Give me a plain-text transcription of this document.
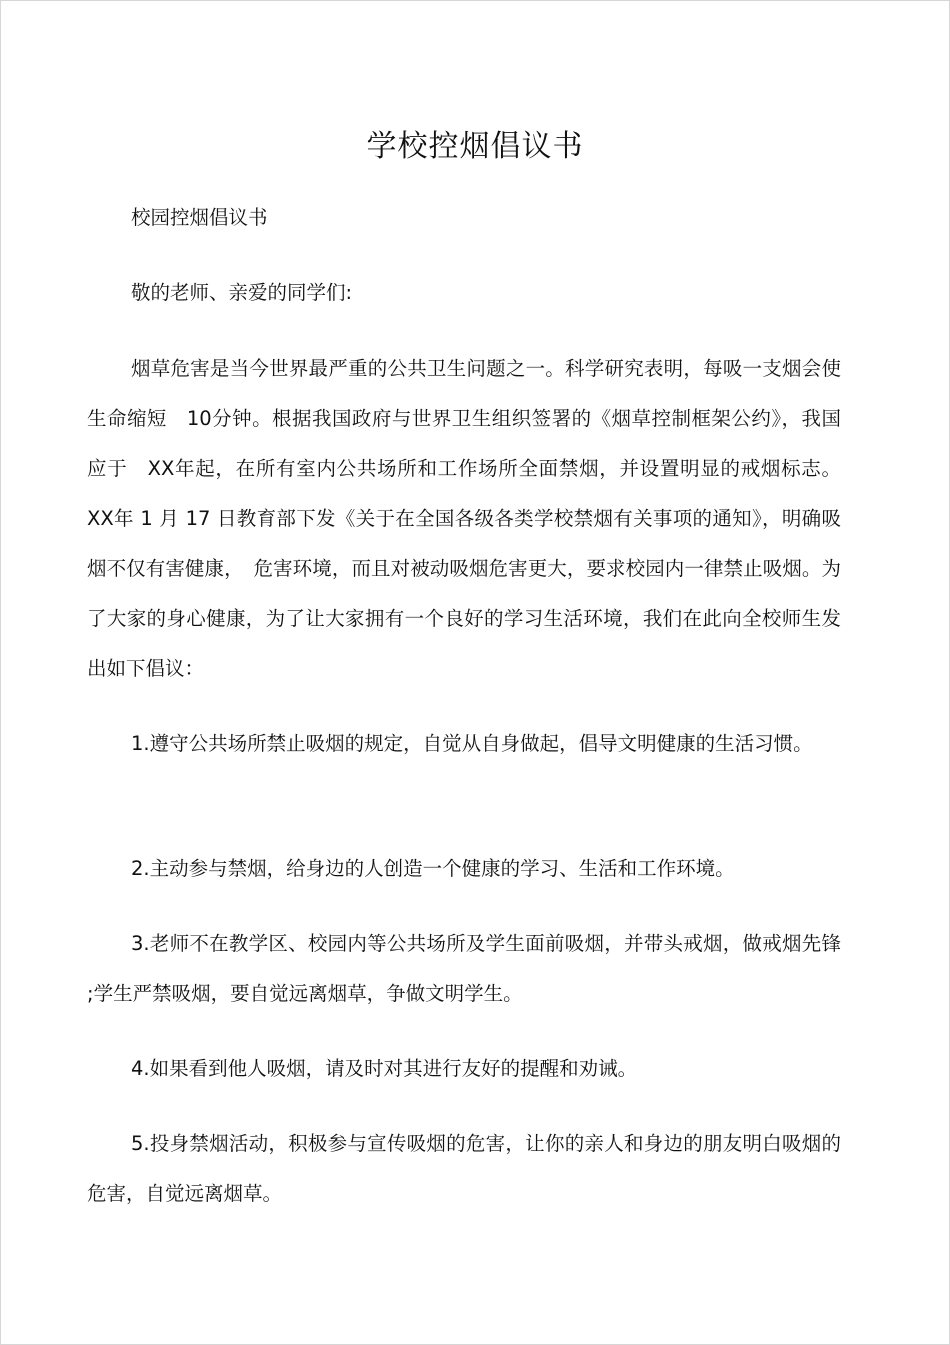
学校控烟倡议书

校园控烟倡议书

敬的老师、亲爱的同学们:

烟草危害是当今世界最严重的公共卫生问题之一。科学研究表明，每吸一支烟会使生命缩短　10分钟。根据我国政府与世界卫生组织签署的《烟草控制框架公约》，我国应于　XX年起，在所有室内公共场所和工作场所全面禁烟，并设置明显的戒烟标志。 XX年 1 月 17 日教育部下发《关于在全国各级各类学校禁烟有关事项的通知》，明确吸烟不仅有害健康，　危害环境，而且对被动吸烟危害更大，要求校园内一律禁止吸烟。为了大家的身心健康，为了让大家拥有一个良好的学习生活环境，我们在此向全校师生发出如下倡议：

1.遵守公共场所禁止吸烟的规定，自觉从自身做起，倡导文明健康的生活习惯。

2.主动参与禁烟，给身边的人创造一个健康的学习、生活和工作环境。

3.老师不在教学区、校园内等公共场所及学生面前吸烟，并带头戒烟，做戒烟先锋 ;学生严禁吸烟，要自觉远离烟草，争做文明学生。

4.如果看到他人吸烟，请及时对其进行友好的提醒和劝诫。

5.投身禁烟活动，积极参与宣传吸烟的危害，让你的亲人和身边的朋友明白吸烟的危害，自觉远离烟草。
